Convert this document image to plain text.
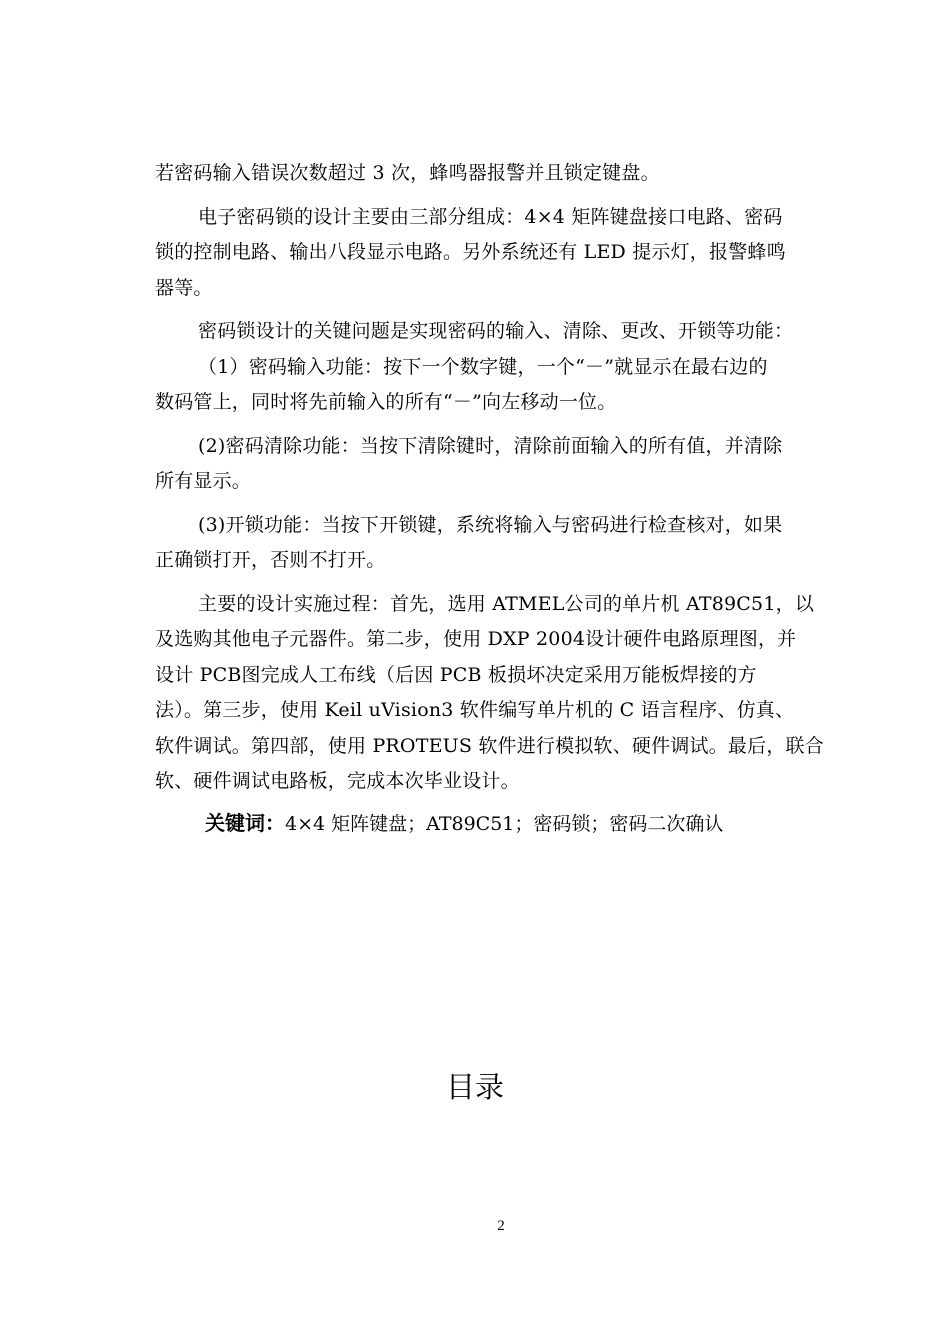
若密码输入错误次数超过 3 次，蜂鸣器报警并且锁定键盘。
电子密码锁的设计主要由三部分组成：4×4 矩阵键盘接口电路、密码
锁的控制电路、输出八段显示电路。另外系统还有 LED 提示灯，报警蜂鸣
器等。
密码锁设计的关键问题是实现密码的输入、清除、更改、开锁等功能：
（1）密码输入功能：按下一个数字键，一个“－”就显示在最右边的
数码管上，同时将先前输入的所有“－”向左移动一位。
(2)密码清除功能：当按下清除键时，清除前面输入的所有值，并清除
所有显示。
(3)开锁功能：当按下开锁键，系统将输入与密码进行检查核对，如果
正确锁打开，否则不打开。
主要的设计实施过程：首先，选用 ATMEL公司的单片机 AT89C51，以
及选购其他电子元器件。第二步，使用 DXP 2004设计硬件电路原理图，并
设计 PCB图完成人工布线（后因 PCB 板损坏决定采用万能板焊接的方
法）。第三步，使用 Keil uVision3 软件编写单片机的 C 语言程序、仿真、
软件调试。第四部，使用 PROTEUS 软件进行模拟软、硬件调试。最后，联合
软、硬件调试电路板，完成本次毕业设计。
关键词：4×4 矩阵键盘；AT89C51；密码锁；密码二次确认
目录
2
